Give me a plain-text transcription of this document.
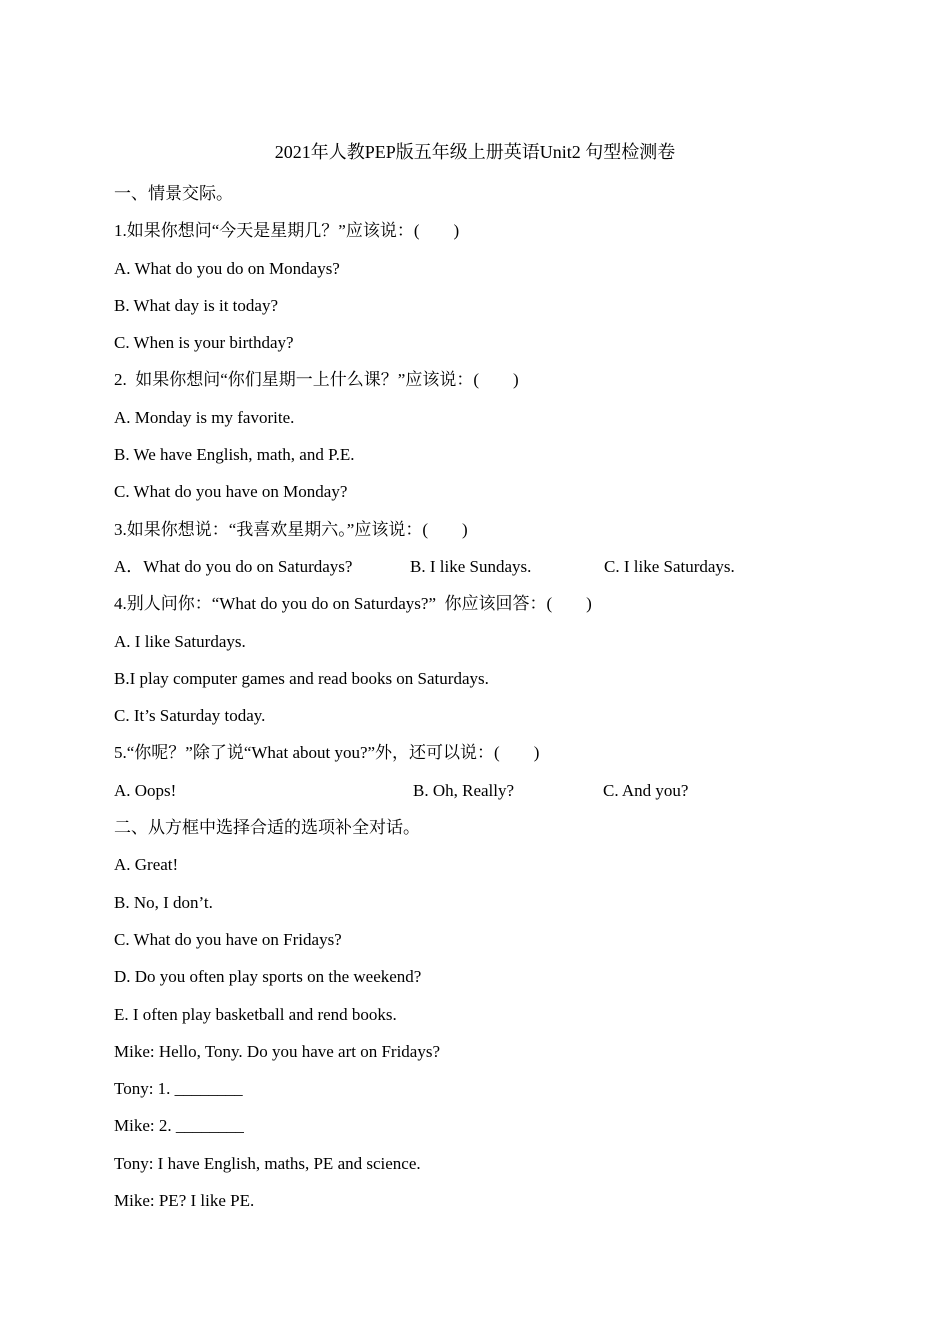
2021年人教PEP版五年级上册英语Unit2 句型检测卷
一、情景交际。
1.如果你想问“今天是星期几？”应该说：(        )
A. What do you do on Mondays?
B. What day is it today?
C. When is your birthday?
2.  如果你想问“你们星期一上什么课？”应该说：(        )
A. Monday is my favorite.
B. We have English, math, and P.E.
C. What do you have on Monday?
3.如果你想说：“我喜欢星期六。”应该说：(        )

A．What do you do on Saturdays?

	B. I like Sundays.

	C. I like Saturdays.

4.别人问你：“What do you do on Saturdays?”  你应该回答：(        )
A. I like Saturdays.
B.I play computer games and read books on Saturdays.
C. It’s Saturday today.
5.“你呢？”除了说“What about you?”外，还可以说：(        )

A. Oops!

	B. Oh, Really?

	C. And you?

二、从方框中选择合适的选项补全对话。
A. Great!
B. No, I don’t.
C. What do you have on Fridays?
D. Do you often play sports on the weekend?
E. I often play basketball and rend books.
Mike: Hello, Tony. Do you have art on Fridays?
Tony: 1. ________
Mike: 2. ________
Tony: I have English, maths, PE and science.
Mike: PE? I like PE.
